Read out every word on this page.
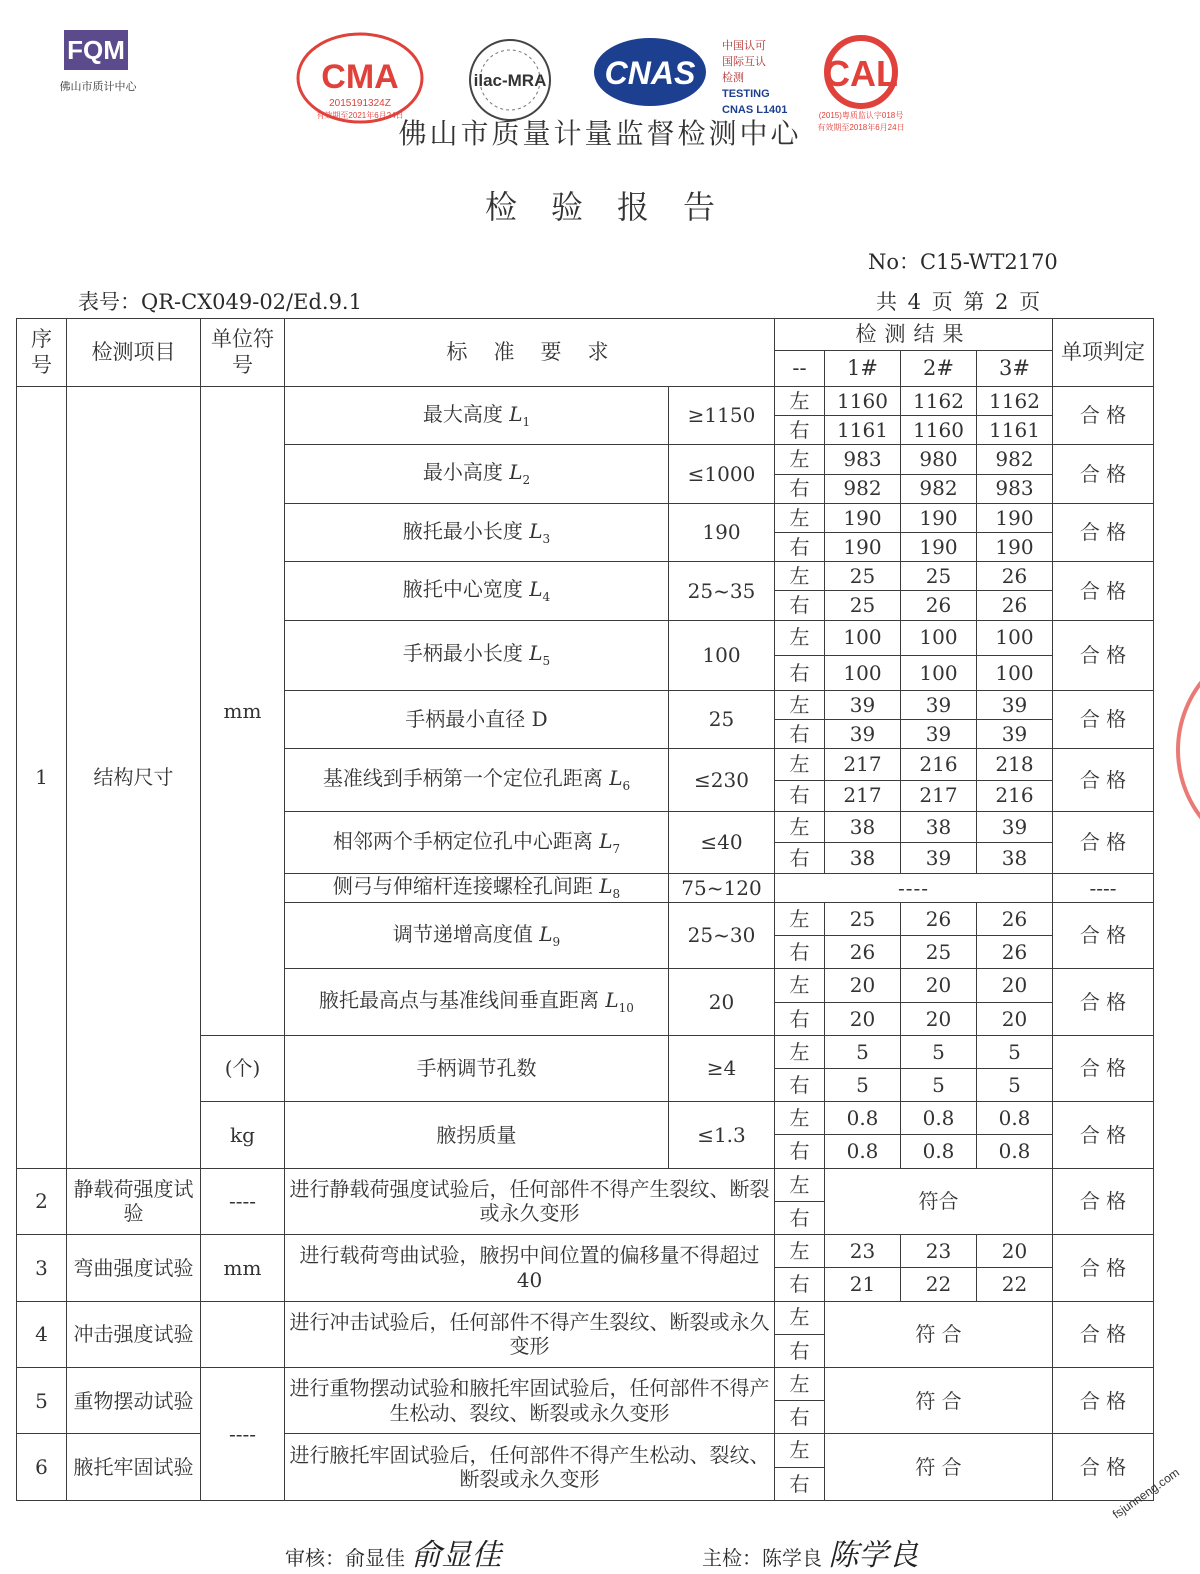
FQM
佛山市质计中心	CMA
2015191324Z
有效期至2021年6月24日
ilac-MRA CNAS
中国认可
国际互认
检测
TESTING
CNAS L1401
CAL
(2015)粤质监认字018号
有效期至2018年6月24日
佛山市质量计量监督检测中心
检验报告
No：C15-WT2170
表号：QR-CX049-02/Ed.9.1	共 4 页 第 2 页
序号	检测项目	单位符号	标准要求		检测结果				单项判定
					--	1#	2#	3#	
1	结构尺寸	mm	最大高度 $L_1$	≥1150	左	1160	1162	1162	合 格
					右	1161	1160	1161	
			最小高度 $L_2$	≤1000	左	983	980	982	合 格
					右	982	982	983	
			腋托最小长度 $L_3$	190	左	190	190	190	合 格
					右	190	190	190	
			腋托中心宽度 $L_4$	25~35	左	25	25	26	合 格
					右	25	26	26	
			手柄最小长度 $L_5$	100	左	100	100	100	合 格
					右	100	100	100	
			手柄最小直径 D	25	左	39	39	39	合 格
					右	39	39	39	
			基准线到手柄第一个定位孔距离 $L_6$	≤230	左	217	216	218	合 格
					右	217	217	216	
			相邻两个手柄定位孔中心距离 $L_7$	≤40	左	38	38	39	合 格
					右	38	39	38	
			侧弓与伸缩杆连接螺栓孔间距 $L_8$	75~120	----				----
			调节递增高度值 $L_9$	25~30	左	25	26	26	合 格
					右	26	25	26	
			腋托最高点与基准线间垂直距离 $L_{10}$	20	左	20	20	20	合 格
					右	20	20	20	
		(个)	手柄调节孔数	≥4	左	5	5	5	合 格
					右	5	5	5	
		kg	腋拐质量	≤1.3	左	0.8	0.8	0.8	合 格
					右	0.8	0.8	0.8	
2	静载荷强度试验	----	进行静载荷强度试验后，任何部件不得产生裂纹、断裂或永久变形		左	符合			合 格
					右				
3	弯曲强度试验	mm	进行载荷弯曲试验，腋拐中间位置的偏移量不得超过40		左	23	23	20	合 格
					右	21	22	22	
4	冲击强度试验		进行冲击试验后，任何部件不得产生裂纹、断裂或永久变形		左	符 合			合 格
					右				
5	重物摆动试验	----	进行重物摆动试验和腋托牢固试验后，任何部件不得产生松动、裂纹、断裂或永久变形		左	符 合			合 格
					右				
6	腋托牢固试验		进行腋托牢固试验后，任何部件不得产生松动、裂纹、断裂或永久变形		左	符 合			合 格
					右				
审核：俞显佳 俞显佳	主检：陈学良 陈学良
fsjunneng.com
